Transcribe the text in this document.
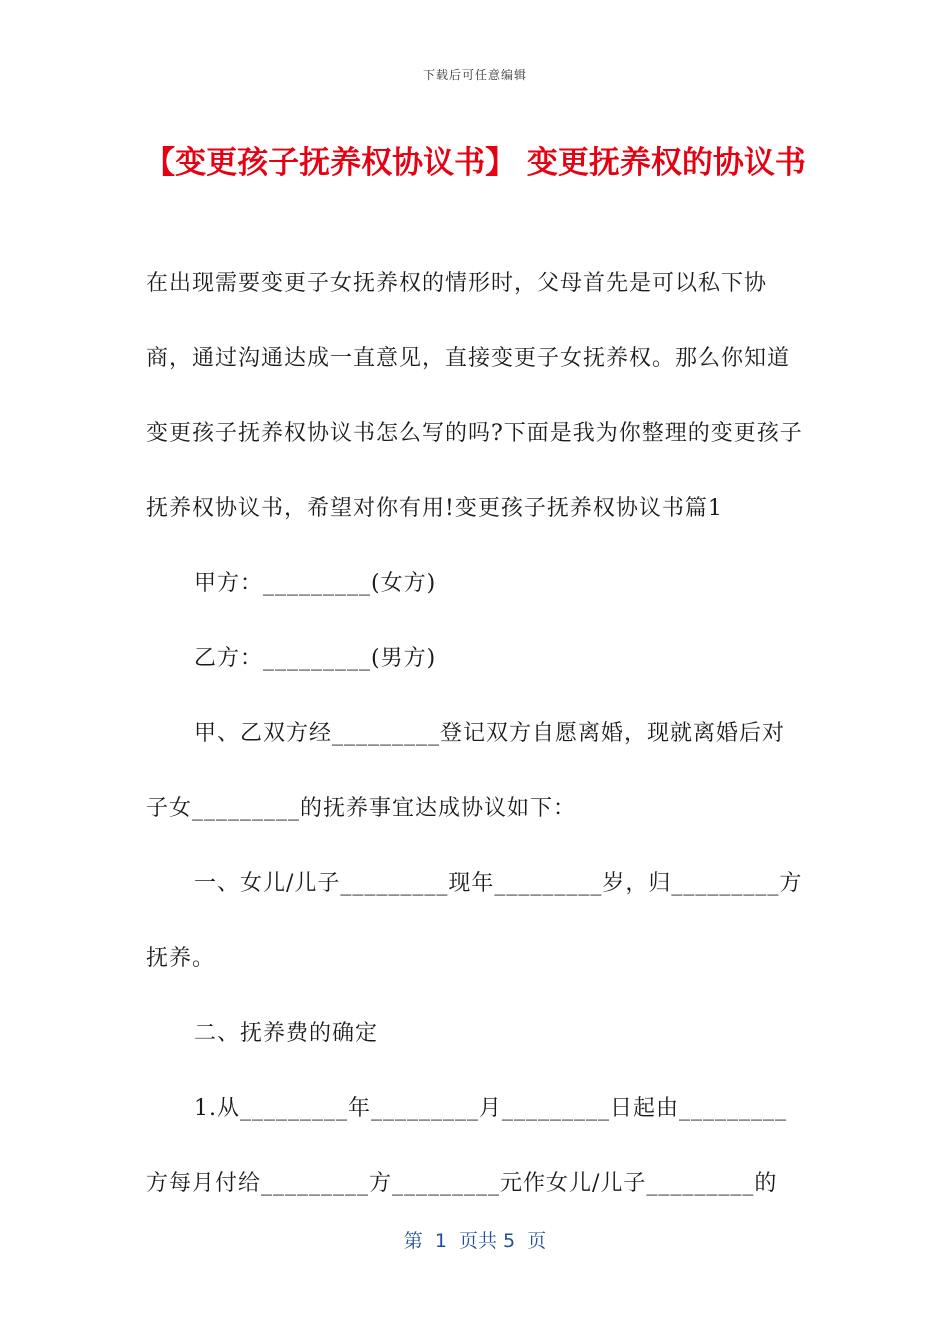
下载后可任意编辑
【变更孩子抚养权协议书】 变更抚养权的协议书

在出现需要变更子女抚养权的情形时，父母首先是可以私下协商，通过沟通达成一直意见，直接变更子女抚养权。那么你知道变更孩子抚养权协议书怎么写的吗?下面是我为你整理的变更孩子抚养权协议书，希望对你有用!变更孩子抚养权协议书篇1

甲方：_________(女方)

乙方：_________(男方)

甲、乙双方经_________登记双方自愿离婚，现就离婚后对子女_________的抚养事宜达成协议如下：

一、女儿/儿子_________现年_________岁，归_________方抚养。

二、抚养费的确定

1.从_________年_________月_________日起由_________方每月付给_________方_________元作女儿/儿子_________的

第  1  页共 5  页
